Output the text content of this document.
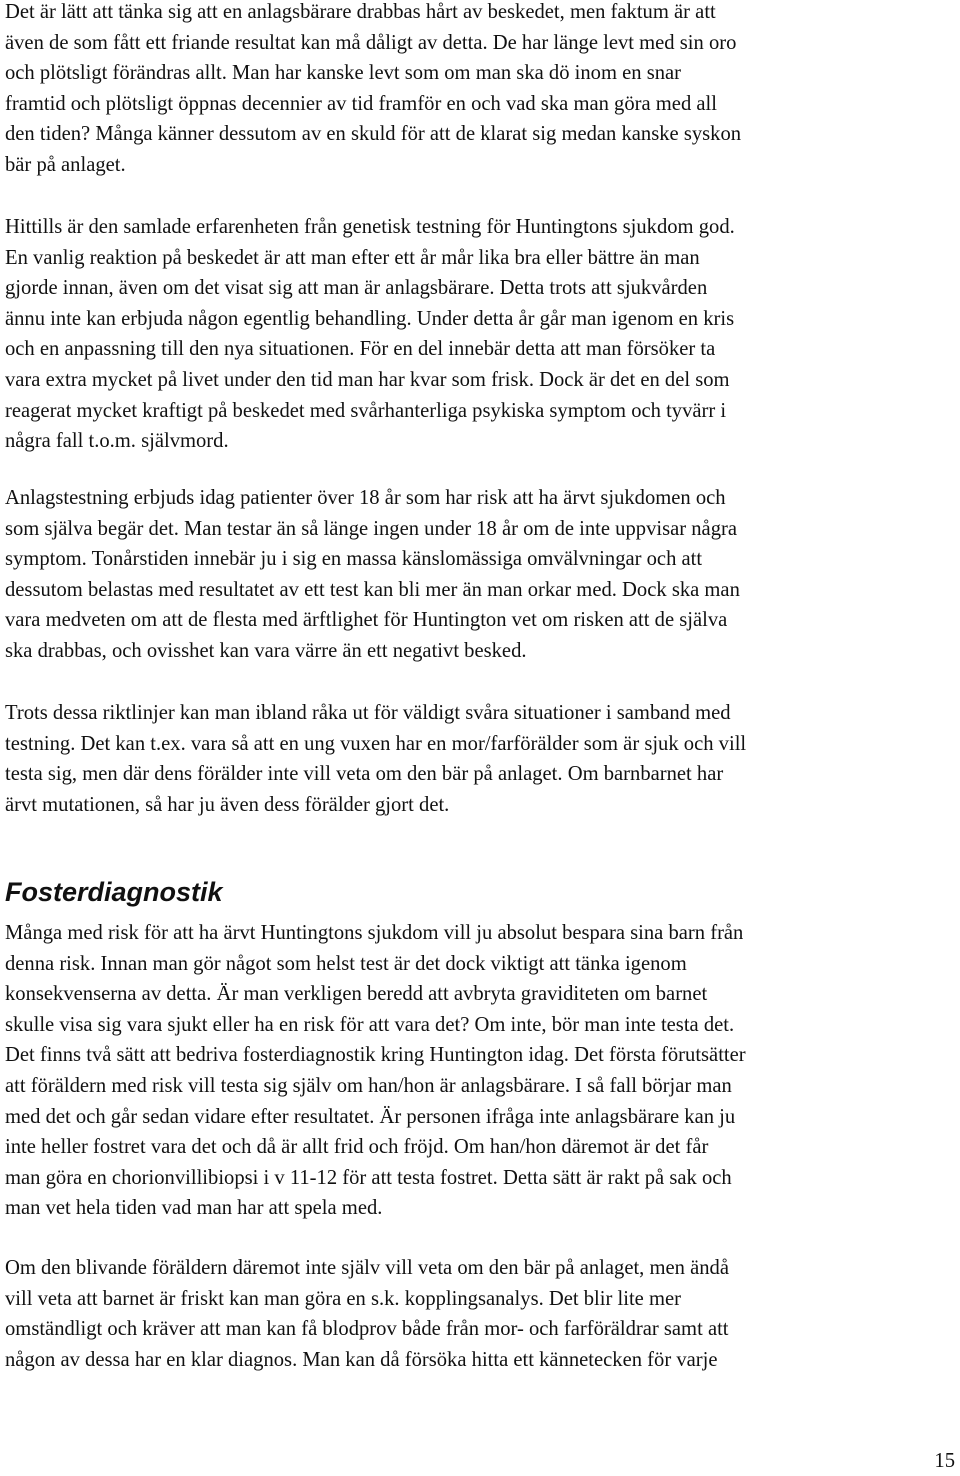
Det är lätt att tänka sig att en anlagsbärare drabbas hårt av beskedet, men faktum är att
även de som fått ett friande resultat kan må dåligt av detta. De har länge levt med sin oro
och plötsligt förändras allt. Man har kanske levt som om man ska dö inom en snar
framtid och plötsligt öppnas decennier av tid framför en och vad ska man göra med all
den tiden? Många känner dessutom av en skuld för att de klarat sig medan kanske syskon
bär på anlaget.

Hittills är den samlade erfarenheten från genetisk testning för Huntingtons sjukdom god.
En vanlig reaktion på beskedet är att man efter ett år mår lika bra eller bättre än man
gjorde innan, även om det visat sig att man är anlagsbärare. Detta trots att sjukvården
ännu inte kan erbjuda någon egentlig behandling. Under detta år går man igenom en kris
och en anpassning till den nya situationen. För en del innebär detta att man försöker ta
vara extra mycket på livet under den tid man har kvar som frisk. Dock är det en del som
reagerat mycket kraftigt på beskedet med svårhanterliga psykiska symptom och tyvärr i
några fall t.o.m. självmord.

Anlagstestning erbjuds idag patienter över 18 år som har risk att ha ärvt sjukdomen och
som själva begär det. Man testar än så länge ingen under 18 år om de inte uppvisar några
symptom. Tonårstiden innebär ju i sig en massa känslomässiga omvälvningar och att
dessutom belastas med resultatet av ett test kan bli mer än man orkar med. Dock ska man
vara medveten om att de flesta med ärftlighet för Huntington vet om risken att de själva
ska drabbas, och ovisshet kan vara värre än ett negativt besked.

Trots dessa riktlinjer kan man ibland råka ut för väldigt svåra situationer i samband med
testning. Det kan t.ex. vara så att en ung vuxen har en mor/farförälder som är sjuk och vill
testa sig, men där dens förälder inte vill veta om den bär på anlaget. Om barnbarnet har
ärvt mutationen, så har ju även dess förälder gjort det.

Fosterdiagnostik

Många med risk för att ha ärvt Huntingtons sjukdom vill ju absolut bespara sina barn från
denna risk. Innan man gör något som helst test är det dock viktigt att tänka igenom
konsekvenserna av detta. Är man verkligen beredd att avbryta graviditeten om barnet
skulle visa sig vara sjukt eller ha en risk för att vara det? Om inte, bör man inte testa det.
Det finns två sätt att bedriva fosterdiagnostik kring Huntington idag. Det första förutsätter
att föräldern med risk vill testa sig själv om han/hon är anlagsbärare. I så fall börjar man
med det och går sedan vidare efter resultatet. Är personen ifråga inte anlagsbärare kan ju
inte heller fostret vara det och då är allt frid och fröjd. Om han/hon däremot är det får
man göra en chorionvillibiopsi i v 11-12 för att testa fostret. Detta sätt är rakt på sak och
man vet hela tiden vad man har att spela med.

Om den blivande föräldern däremot inte själv vill veta om den bär på anlaget, men ändå
vill veta att barnet är friskt kan man göra en s.k. kopplingsanalys. Det blir lite mer
omständligt och kräver att man kan få blodprov både från mor- och farföräldrar samt att
någon av dessa har en klar diagnos. Man kan då försöka hitta ett kännetecken för varje

15
